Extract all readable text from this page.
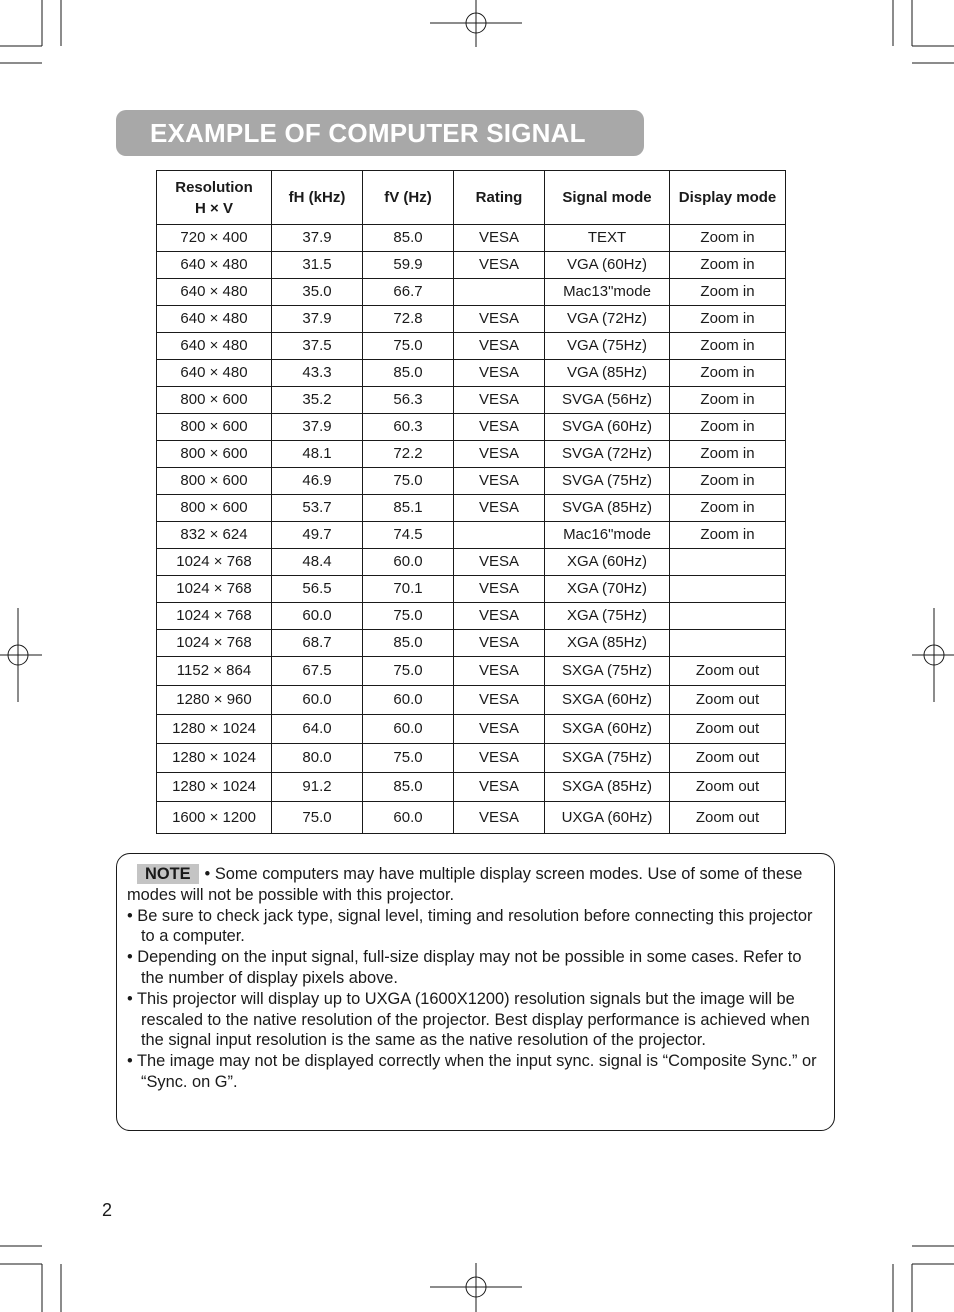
EXAMPLE OF COMPUTER SIGNAL
Resolution
H × V	fH (kHz)	fV (Hz)	Rating	Signal mode	Display mode
720 × 400	37.9	85.0	VESA	TEXT	Zoom in
640 × 480	31.5	59.9	VESA	VGA (60Hz)	Zoom in
640 × 480	35.0	66.7		Mac13"mode	Zoom in
640 × 480	37.9	72.8	VESA	VGA (72Hz)	Zoom in
640 × 480	37.5	75.0	VESA	VGA (75Hz)	Zoom in
640 × 480	43.3	85.0	VESA	VGA (85Hz)	Zoom in
800 × 600	35.2	56.3	VESA	SVGA (56Hz)	Zoom in
800 × 600	37.9	60.3	VESA	SVGA (60Hz)	Zoom in
800 × 600	48.1	72.2	VESA	SVGA (72Hz)	Zoom in
800 × 600	46.9	75.0	VESA	SVGA (75Hz)	Zoom in
800 × 600	53.7	85.1	VESA	SVGA (85Hz)	Zoom in
832 × 624	49.7	74.5		Mac16"mode	Zoom in
1024 × 768	48.4	60.0	VESA	XGA (60Hz)	
1024 × 768	56.5	70.1	VESA	XGA (70Hz)	
1024 × 768	60.0	75.0	VESA	XGA (75Hz)	
1024 × 768	68.7	85.0	VESA	XGA (85Hz)	
1152 × 864	67.5	75.0	VESA	SXGA (75Hz)	Zoom out
1280 × 960	60.0	60.0	VESA	SXGA (60Hz)	Zoom out
1280 × 1024	64.0	60.0	VESA	SXGA (60Hz)	Zoom out
1280 × 1024	80.0	75.0	VESA	SXGA (75Hz)	Zoom out
1280 × 1024	91.2	85.0	VESA	SXGA (85Hz)	Zoom out
1600 × 1200	75.0	60.0	VESA	UXGA (60Hz)	Zoom out

NOTE • Some computers may have multiple display screen modes. Use of some of these modes will not be possible with this projector.

• Be sure to check jack type, signal level, timing and resolution before connecting this projector to a computer.
• Depending on the input signal, full-size display may not be possible in some cases. Refer to the number of display pixels above.
• This projector will display up to UXGA (1600X1200) resolution signals but the image will be rescaled to the native resolution of the projector. Best display performance is achieved when the signal input resolution is the same as the native resolution of the projector.
• The image may not be displayed correctly when the input sync. signal is “Composite Sync.” or “Sync. on G”.
2
